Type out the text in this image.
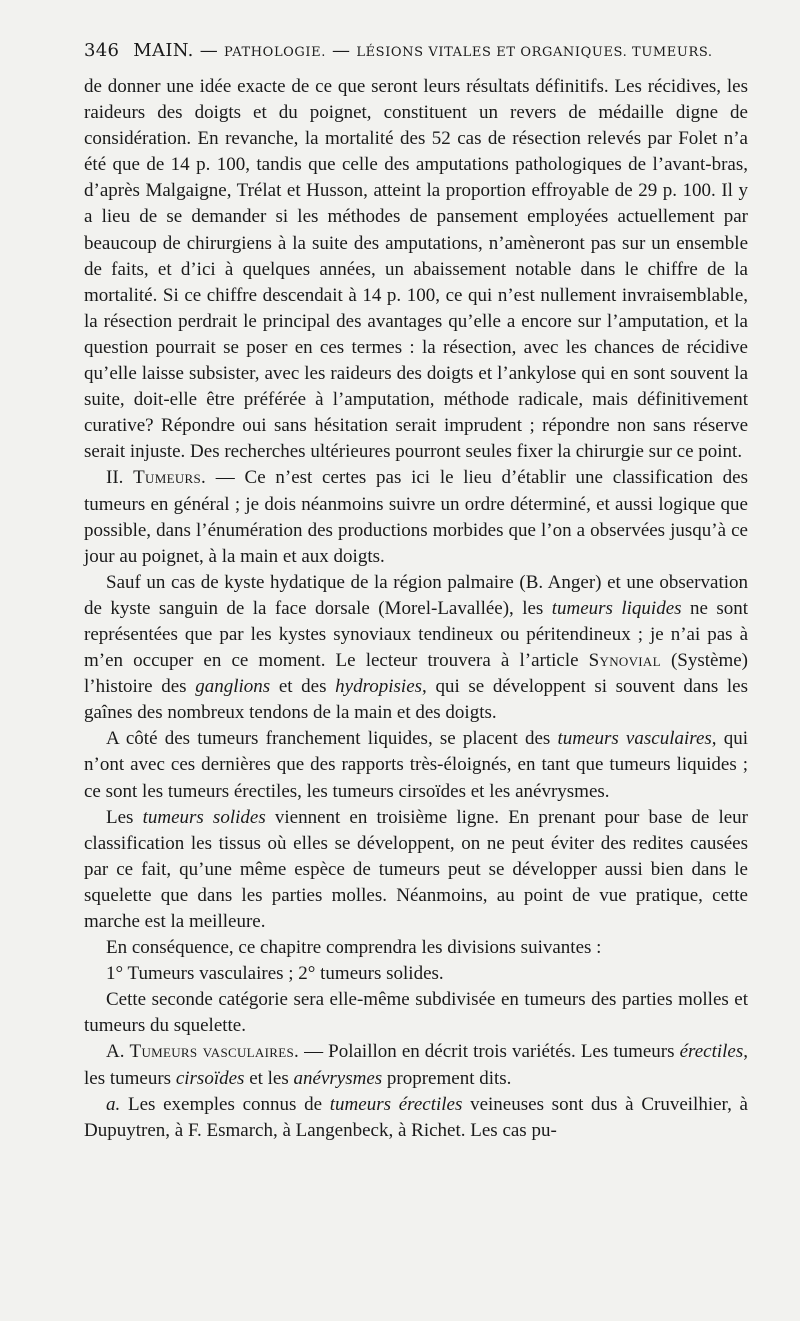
346 MAIN. — PATHOLOGIE. — LÉSIONS VITALES ET ORGANIQUES. TUMEURS.

de donner une idée exacte de ce que seront leurs résultats définitifs. Les récidives, les raideurs des doigts et du poignet, constituent un revers de médaille digne de considération. En revanche, la mortalité des 52 cas de résection relevés par Folet n’a été que de 14 p. 100, tandis que celle des amputations pathologiques de l’avant-bras, d’après Malgaigne, Trélat et Husson, atteint la proportion effroyable de 29 p. 100. Il y a lieu de se demander si les méthodes de pansement employées actuellement par beaucoup de chirurgiens à la suite des amputations, n’amèneront pas sur un ensemble de faits, et d’ici à quelques années, un abaissement notable dans le chiffre de la mortalité. Si ce chiffre descendait à 14 p. 100, ce qui n’est nullement invraisemblable, la résection perdrait le principal des avantages qu’elle a encore sur l’amputation, et la question pourrait se poser en ces termes : la résection, avec les chances de récidive qu’elle laisse subsister, avec les raideurs des doigts et l’ankylose qui en sont souvent la suite, doit-elle être préférée à l’amputation, méthode radicale, mais définitivement curative? Répondre oui sans hésitation serait imprudent ; répondre non sans réserve serait injuste. Des recherches ultérieures pourront seules fixer la chirurgie sur ce point.

II. Tumeurs. — Ce n’est certes pas ici le lieu d’établir une classification des tumeurs en général ; je dois néanmoins suivre un ordre déterminé, et aussi logique que possible, dans l’énumération des productions morbides que l’on a observées jusqu’à ce jour au poignet, à la main et aux doigts.

Sauf un cas de kyste hydatique de la région palmaire (B. Anger) et une observation de kyste sanguin de la face dorsale (Morel-Lavallée), les tumeurs liquides ne sont représentées que par les kystes synoviaux tendineux ou péritendineux ; je n’ai pas à m’en occuper en ce moment. Le lecteur trouvera à l’article Synovial (Système) l’histoire des ganglions et des hydropisies, qui se développent si souvent dans les gaînes des nombreux tendons de la main et des doigts.

A côté des tumeurs franchement liquides, se placent des tumeurs vasculaires, qui n’ont avec ces dernières que des rapports très-éloignés, en tant que tumeurs liquides ; ce sont les tumeurs érectiles, les tumeurs cirsoïdes et les anévrysmes.

Les tumeurs solides viennent en troisième ligne. En prenant pour base de leur classification les tissus où elles se développent, on ne peut éviter des redites causées par ce fait, qu’une même espèce de tumeurs peut se développer aussi bien dans le squelette que dans les parties molles. Néanmoins, au point de vue pratique, cette marche est la meilleure.

En conséquence, ce chapitre comprendra les divisions suivantes :

1° Tumeurs vasculaires ; 2° tumeurs solides.

Cette seconde catégorie sera elle-même subdivisée en tumeurs des parties molles et tumeurs du squelette.

A. Tumeurs vasculaires. — Polaillon en décrit trois variétés. Les tumeurs érectiles, les tumeurs cirsoïdes et les anévrysmes proprement dits.

a. Les exemples connus de tumeurs érectiles veineuses sont dus à Cruveilhier, à Dupuytren, à F. Esmarch, à Langenbeck, à Richet. Les cas pu-
